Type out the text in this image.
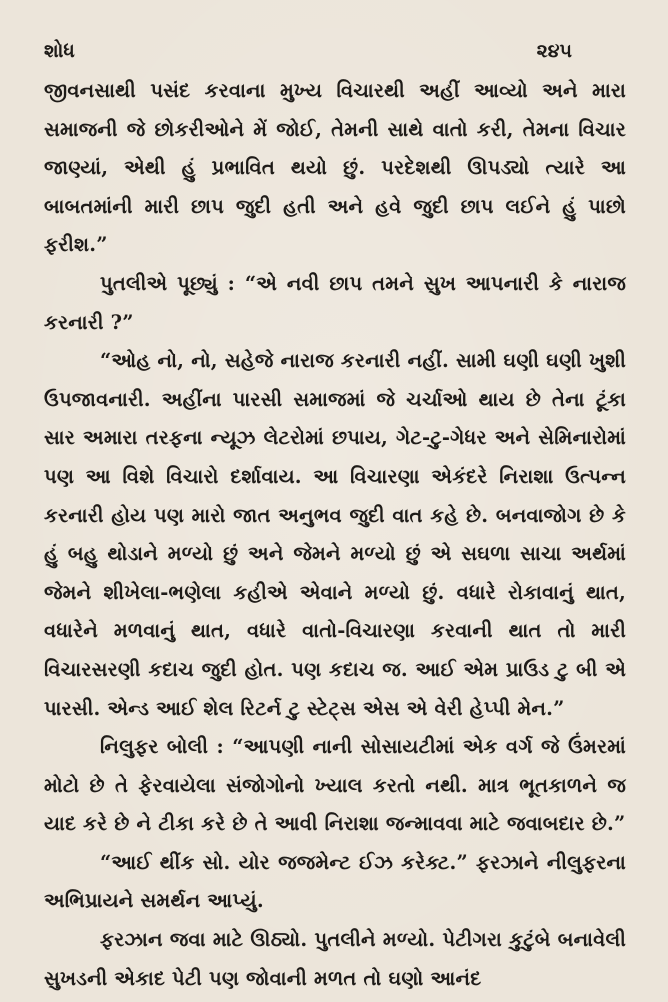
શોધ	૨૪૫

જીવનસાથી પસંદ કરવાના મુખ્ય વિચારથી અહીં આવ્યો અને મારા સમાજની જે છોકરીઓને મેં જોઈ, તેમની સાથે વાતો કરી, તેમના વિચાર જાણ્યાં, એથી હું પ્રભાવિત થયો છું. પરદેશથી ઊપડ્યો ત્યારે આ બાબતમાંની મારી છાપ જુદી હતી અને હવે જુદી છાપ લઈને હું પાછો ફરીશ.”

પુતલીએ પૂછ્યું : “એ નવી છાપ તમને સુખ આપનારી કે નારાજ કરનારી ?”

“ઓહ નો, નો, સહેજે નારાજ કરનારી નહીં. સામી ઘણી ઘણી ખુશી ઉપજાવનારી. અહીંના પારસી સમાજમાં જે ચર્ચાઓ થાય છે તેના ટૂંકા સાર અમારા તરફના ન્યૂઝ લેટરોમાં છપાય, ગેટ-ટુ-ગેધર અને સેમિનારોમાં પણ આ વિશે વિચારો દર્શાવાય. આ વિચારણા એકંદરે નિરાશા ઉત્પન્ન કરનારી હોય પણ મારો જાત અનુભવ જુદી વાત કહે છે. બનવાજોગ છે કે હું બહુ થોડાને મળ્યો છું અને જેમને મળ્યો છું એ સઘળા સાચા અર્થમાં જેમને શીખેલા-ભણેલા કહીએ એવાને મળ્યો છું. વધારે રોકાવાનું થાત, વધારેને મળવાનું થાત, વધારે વાતો-વિચારણા કરવાની થાત તો મારી વિચારસરણી કદાચ જુદી હોત. પણ કદાચ જ. આઈ એમ પ્રાઉડ ટુ બી એ પારસી. એન્ડ આઈ શેલ રિટર્ન ટુ સ્ટેટ્સ એસ એ વેરી હેપ્પી મેન.”

નિલુફર બોલી : “આપણી નાની સોસાયટીમાં એક વર્ગ જે ઉંમરમાં મોટો છે તે ફેરવાયેલા સંજોગોનો ખ્યાલ કરતો નથી. માત્ર ભૂતકાળને જ યાદ કરે છે ને ટીકા કરે છે તે આવી નિરાશા જન્માવવા માટે જવાબદાર છે.”

“આઈ થીંક સો. યોર જજમેન્ટ ઈઝ કરેક્ટ.” ફરઝાને નીલુફરના અભિપ્રાયને સમર્થન આપ્યું.

ફરઝાન જવા માટે ઊઠ્યો. પુતલીને મળ્યો. પેટીગરા કુટુંબે બનાવેલી સુખડની એકાદ પેટી પણ જોવાની મળત તો ઘણો આનંદ
